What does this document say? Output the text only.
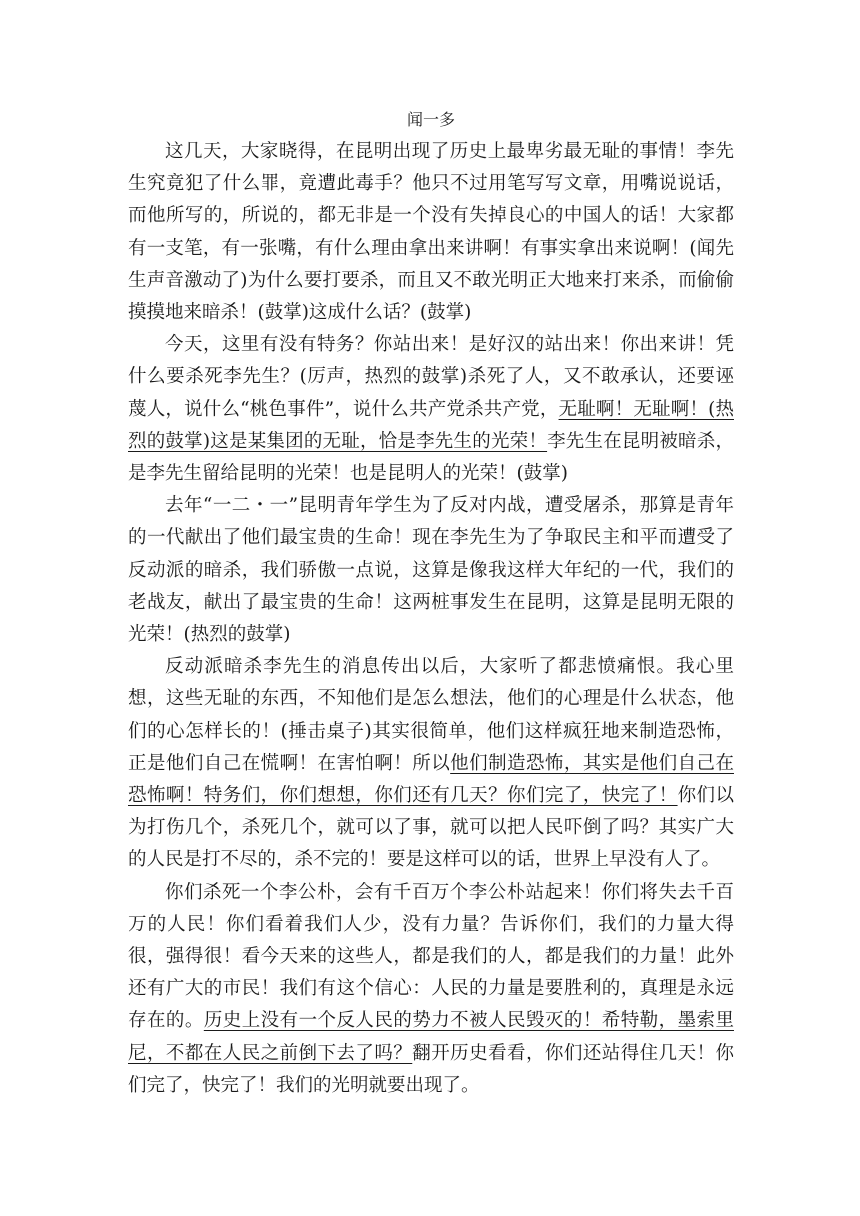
闻一多

这几天，大家晓得，在昆明出现了历史上最卑劣最无耻的事情！李先生究竟犯了什么罪，竟遭此毒手？他只不过用笔写写文章，用嘴说说话，而他所写的，所说的，都无非是一个没有失掉良心的中国人的话！大家都有一支笔，有一张嘴，有什么理由拿出来讲啊！有事实拿出来说啊！(闻先生声音激动了)为什么要打要杀，而且又不敢光明正大地来打来杀，而偷偷摸摸地来暗杀！(鼓掌)这成什么话？(鼓掌)

今天，这里有没有特务？你站出来！是好汉的站出来！你出来讲！凭什么要杀死李先生？(厉声，热烈的鼓掌)杀死了人，又不敢承认，还要诬蔑人，说什么“桃色事件”，说什么共产党杀共产党，无耻啊！无耻啊！(热烈的鼓掌)这是某集团的无耻，恰是李先生的光荣！李先生在昆明被暗杀，是李先生留给昆明的光荣！也是昆明人的光荣！(鼓掌)

去年“一二・一”昆明青年学生为了反对内战，遭受屠杀，那算是青年的一代献出了他们最宝贵的生命！现在李先生为了争取民主和平而遭受了反动派的暗杀，我们骄傲一点说，这算是像我这样大年纪的一代，我们的老战友，献出了最宝贵的生命！这两桩事发生在昆明，这算是昆明无限的光荣！(热烈的鼓掌)

反动派暗杀李先生的消息传出以后，大家听了都悲愤痛恨。我心里想，这些无耻的东西，不知他们是怎么想法，他们的心理是什么状态，他们的心怎样长的！(捶击桌子)其实很简单，他们这样疯狂地来制造恐怖，正是他们自己在慌啊！在害怕啊！所以他们制造恐怖，其实是他们自己在恐怖啊！特务们，你们想想，你们还有几天？你们完了，快完了！你们以为打伤几个，杀死几个，就可以了事，就可以把人民吓倒了吗？其实广大的人民是打不尽的，杀不完的！要是这样可以的话，世界上早没有人了。

你们杀死一个李公朴，会有千百万个李公朴站起来！你们将失去千百万的人民！你们看着我们人少，没有力量？告诉你们，我们的力量大得很，强得很！看今天来的这些人，都是我们的人，都是我们的力量！此外还有广大的市民！我们有这个信心：人民的力量是要胜利的，真理是永远存在的。历史上没有一个反人民的势力不被人民毁灭的！希特勒，墨索里尼，不都在人民之前倒下去了吗？翻开历史看看，你们还站得住几天！你们完了，快完了！我们的光明就要出现了。
